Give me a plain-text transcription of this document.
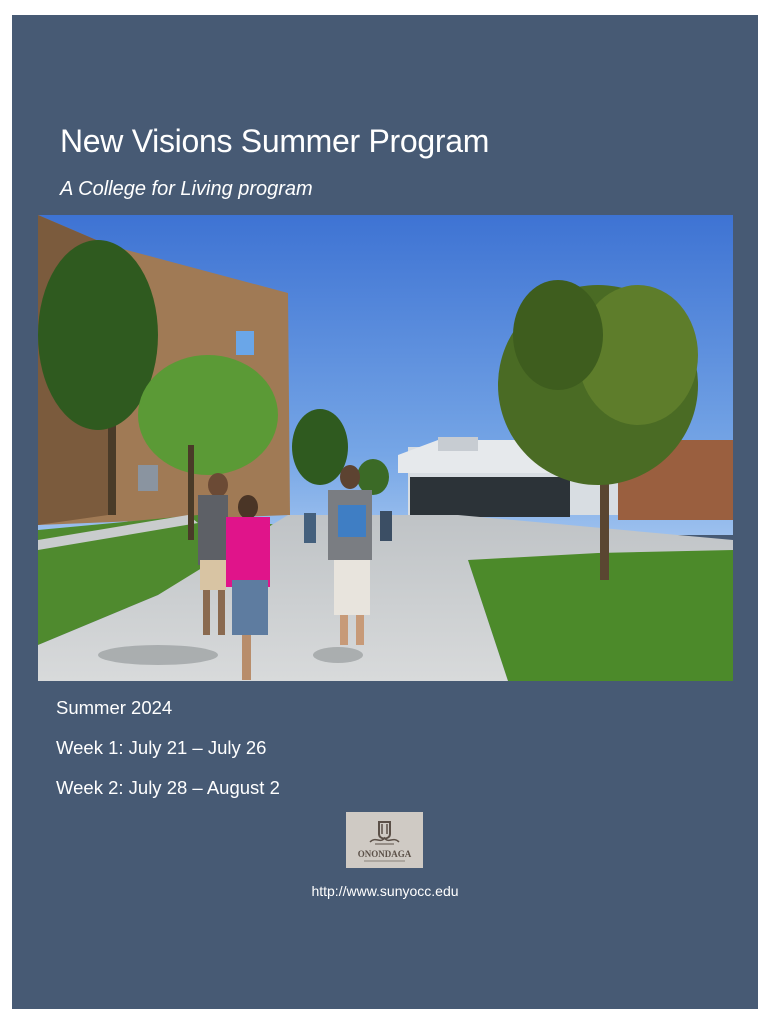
New Visions Summer Program
A College for Living program
Summer 2024
Week 1: July 21 – July 26
Week 2: July 28 – August 2
ONONDAGA
http://www.sunyocc.edu
